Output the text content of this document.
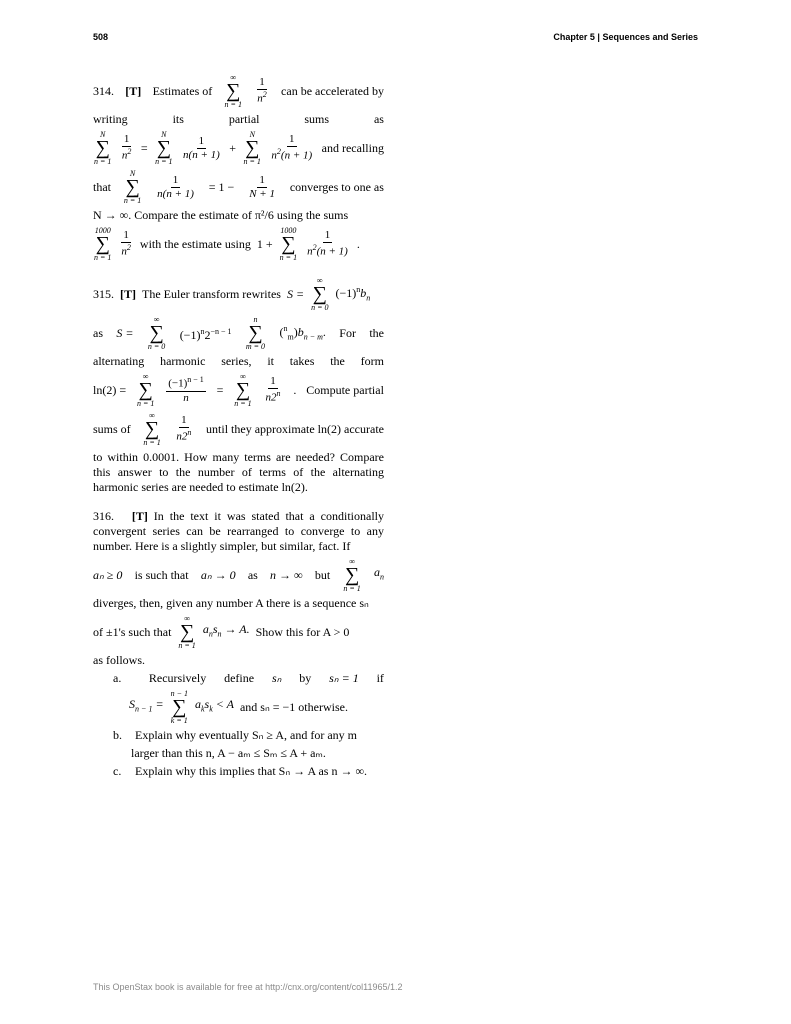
508	Chapter 5 | Sequences and Series
314. [T] Estimates of
∞
∑
$n = 1 \frac{1}{n^2}$ can be accelerated by
writing	its	partial	sums	as
N
∑
$n = 1 \frac{1}{n^2}$ =
N
∑
n = 1
$\frac{1}{n(n + 1)}$ +
N
∑
$n = 1 \frac{1}{n^2(n + 1)}$ and recalling
that
N
∑
n = 1
$\frac{1}{n(n + 1)} = 1 - \frac{1}{N + 1}$ converges to one as
N → ∞. Compare the estimate of π²/6 using the sums
1000
∑
$n = 1 \frac{1}{n^2}$ with the estimate using 1 +
1000
∑
$n = 1 \frac{1}{n^2(n + 1)}$ .
315. [T] The Euler transform rewrites S =
∞
∑
n = 0
$(-1)^nb_n$
as S =
∞
∑
n = 0
$(-1)^n2^{-n - 1}$
n
∑
m = 0
$(^n_m)b_{n - m}$. For the
alternating harmonic series, it takes the form
ln(2) =
∞
∑
$n = 1 \frac{(-1)^{n - 1}}{n}$ =
∞
∑
$n = 1 \frac{1}{n2^n}$ . Compute partial
sums of
∞
∑
$n = 1 \frac{1}{n2^n}$ until they approximate ln(2) accurate
to within 0.0001. How many terms are needed? Compare this answer to the number of terms of the alternating harmonic series are needed to estimate ln(2).
316. [T] In the text it was stated that a conditionally convergent series can be rearranged to converge to any number. Here is a slightly simpler, but similar, fact. If
aₙ ≥ 0 is such that aₙ → 0 as n → ∞ but
∞
∑
n = 1
$a_n$
diverges, then, given any number A there is a sequence sₙ
of ±1's such that
∞
∑
n = 1
$a_ns_n \to A$. Show this for A > 0
as follows.
a.	Recursively define sₙ by sₙ = 1 if
$S_{n - 1}$ =
n − 1
∑
k = 1
$a_ks_k < A$ and sₙ = −1 otherwise.
b.	Explain why eventually Sₙ ≥ A, and for any m
larger than this n, A − aₘ ≤ Sₘ ≤ A + aₘ.
c.	Explain why this implies that Sₙ → A as n → ∞.
This OpenStax book is available for free at http://cnx.org/content/col11965/1.2
